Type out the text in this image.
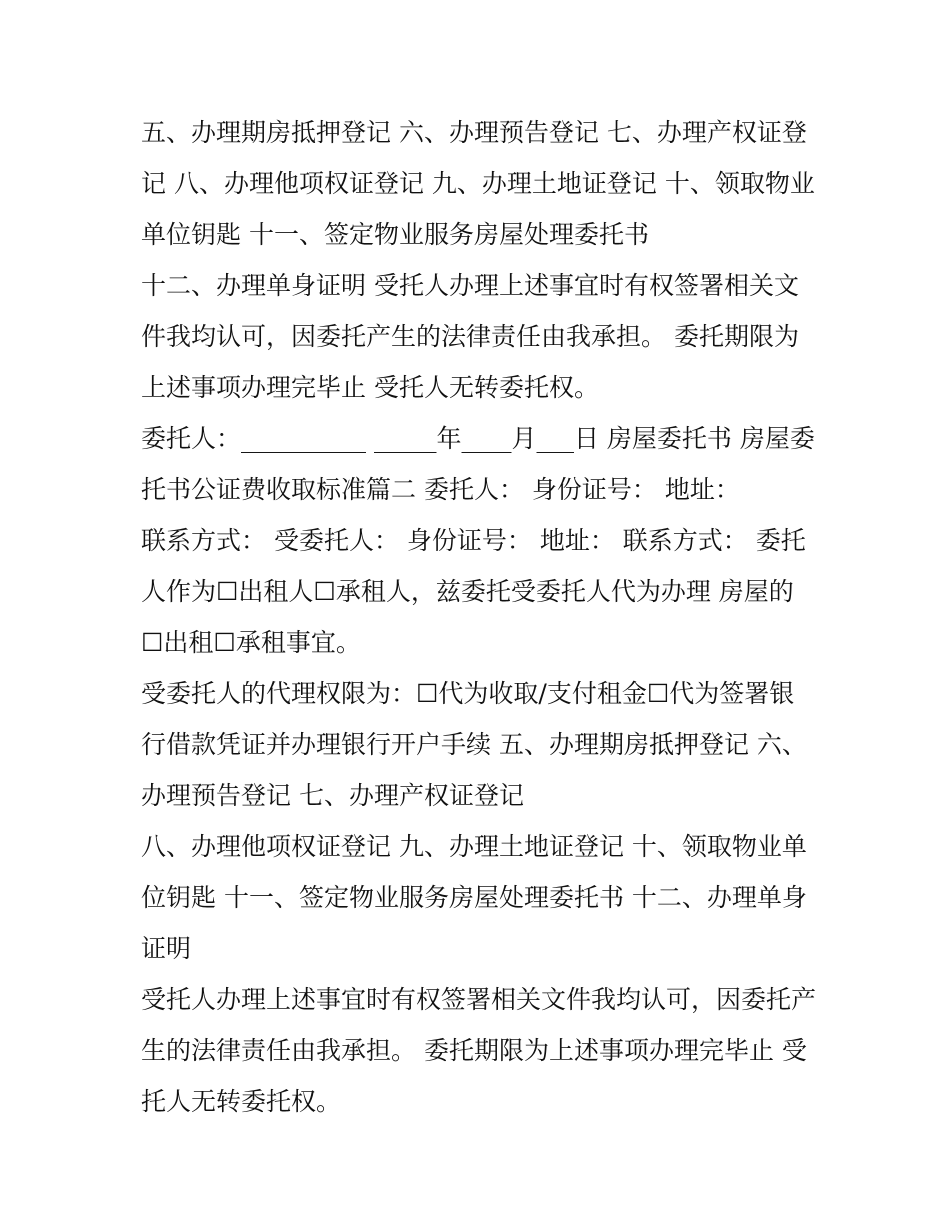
五、办理期房抵押登记 六、办理预告登记 七、办理产权证登
记 八、办理他项权证登记 九、办理土地证登记 十、领取物业
单位钥匙 十一、签定物业服务房屋处理委托书
十二、办理单身证明 受托人办理上述事宜时有权签署相关文
件我均认可，因委托产生的法律责任由我承担。 委托期限为
上述事项办理完毕止 受托人无转委托权。
委托人：__________ _____年____月___日 房屋委托书 房屋委
托书公证费收取标准篇二 委托人： 身份证号： 地址：
联系方式： 受委托人： 身份证号： 地址： 联系方式： 委托
人作为☐出租人☐承租人，兹委托受委托人代为办理 房屋的
☐出租☐承租事宜。
受委托人的代理权限为：☐代为收取/支付租金☐代为签署银
行借款凭证并办理银行开户手续 五、办理期房抵押登记 六、
办理预告登记 七、办理产权证登记
八、办理他项权证登记 九、办理土地证登记 十、领取物业单
位钥匙 十一、签定物业服务房屋处理委托书 十二、办理单身
证明
受托人办理上述事宜时有权签署相关文件我均认可，因委托产
生的法律责任由我承担。 委托期限为上述事项办理完毕止 受
托人无转委托权。
